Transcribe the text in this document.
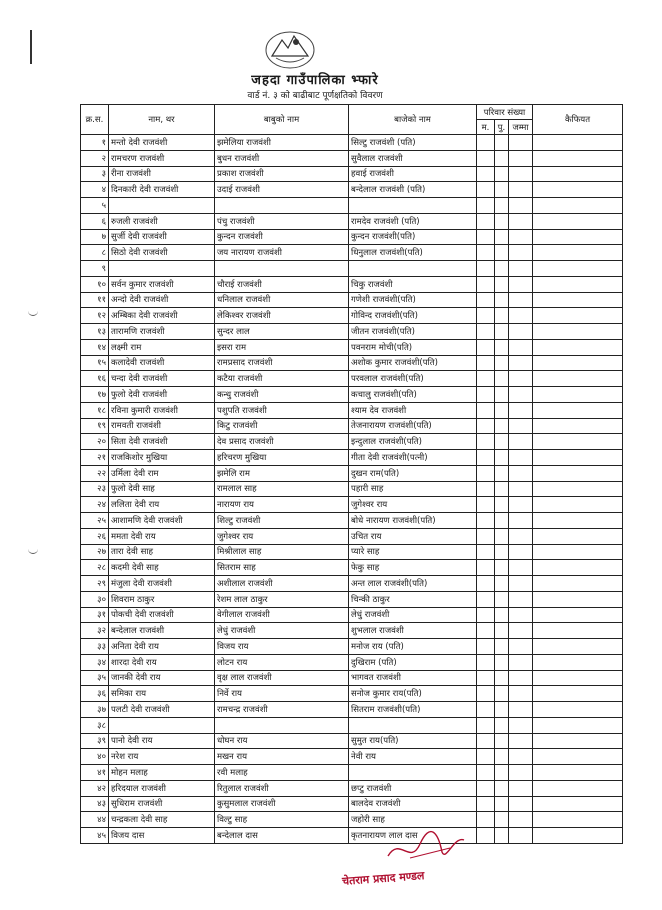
जहदा गाउँपालिका भ्फारे
वार्ड नं. ३ को बाढीबाट पूर्णक्षतिको विवरण
क्र.स.	नाम, थर	बाबुको नाम	बाजेको नाम	परिवार संख्या			कैफियत
				म.	पु.	जम्मा	
१	मन्तो देवी राजवंशी	झमेलिया राजवंशी	सिल्टु राजवंशी (पति)				
२	रामचरण राजवंशी	बुधन राजवंशी	सुवैलाल राजवंशी				
३	रीना राजवंशी	प्रकाश राजवंशी	हवाई राजवंशी				
४	दिनकारी देवी राजवंशी	उदाई राजवंशी	बन्देलाल राजवंशी (पति)				
५							
६	रुजली राजवंशी	पंचु राजवंशी	रामदेव राजवंशी (पति)				
७	सुर्जी देवी राजवंशी	कुन्दन राजवंशी	कुन्दन राजवंशी(पति)				
८	सिठो देवी राजवंशी	जय नारायण राजवंशी	धिनुलाल राजवंशी(पति)				
९							
१०	सर्वन कुमार राजवंशी	चौराई राजवंशी	चिकु राजवंशी				
११	अन्दो देवी राजवंशी	धनिलाल राजवंशी	गणेशी राजवंशी(पति)				
१२	अम्बिका देवी राजवंशी	लेकिश्वर राजवंशी	गोविन्द राजवंशी(पति)				
१३	तारामणि राजवंशी	सुन्दर लाल	जीतन राजवंशी(पति)				
१४	लक्ष्मी राम	इसरा राम	पवनराम मोची(पति)				
१५	कलादेवी राजवंशी	रामप्रसाद राजवंशी	अशोक कुमार राजवंशी(पति)				
१६	चन्दा देवी राजवंशी	कटैया राजवंशी	परवलाल राजवंशी(पति)				
१७	फुलो देवी राजवंशी	कन्धु राजवंशी	कचालु राजवंशी(पति)				
१८	रविना कुमारी राजवंशी	पशुपति राजवंशी	श्याम देव राजवंशी				
१९	रामवती राजवंशी	किटु राजवंशी	तेजनारायण राजवंशी(पति)				
२०	सिता देवी राजवंशी	देव प्रसाद राजवंशी	इन्दुलाल राजवंशी(पति)				
२१	राजकिशोर मुखिया	हरिचरण मुखिया	गीता देवी राजवंशी(पत्नी)				
२२	उर्मिला देवी राम	झमेलि राम	दुखन राम(पति)				
२३	फुलो देवी साह	रामलाल साह	पहारी साह				
२४	ललिता देवी राय	नारायण राय	जुगेश्वर राय				
२५	आशामणि देवी राजवंशी	शिल्टु राजवंशी	बोधे नारायण राजवंशी(पति)				
२६	ममता देवी राय	जुगेश्वर राय	उचित राय				
२७	तारा देवी साह	मिश्रीलाल साह	प्यारे साह				
२८	कदमी देवी साह	सितराम साह	फेकु साह				
२९	मंजुला देवी राजवंशी	अशीलाल राजवंशी	अन्त लाल राजवंशी(पति)				
३०	शिवराम ठाकुर	रेशम लाल ठाकुर	चिन्की ठाकुर				
३१	पोकची देवी राजवंशी	वेगीलाल राजवंशी	लेधुं राजवंशी				
३२	बन्देलाल राजवंशी	लेधुं राजवंशी	शुभलाल राजवंशी				
३३	अनिता देवी राय	विजय राय	मनोज राय (पति)				
३४	शारदा देवी राय	लोटन राय	दुखिराम (पति)				
३५	जानकी देवी राय	वृक्ष लाल राजवंशी	भागवत राजवंशी				
३६	समिका राय	निर्वे राय	सनोज कुमार राय(पति)				
३७	पलटी देवी राजवंशी	रामचन्द्र राजवंशी	सितराम राजवंशी(पति)				
३८							
३९	पानो देवी राय	धोघन राय	सुमुत राय(पति)				
४०	नरेश राय	मखन राय	नेवी राय				
४१	मोहन मलाह	रवी मलाह					
४२	हरिदयाल राजवंशी	रितुलाल राजवंशी	छप्टु राजवंशी				
४३	सुधिराम राजवंशी	कुसुमलाल राजवंशी	बालदेव राजवंशी				
४४	चन्द्रकला देवी साह	विल्टु साह	जहोरी साह				
४५	विजय दास	बन्देलाल दास	कृतनारायण लाल दास				
चेतराम प्रसाद मण्डल
